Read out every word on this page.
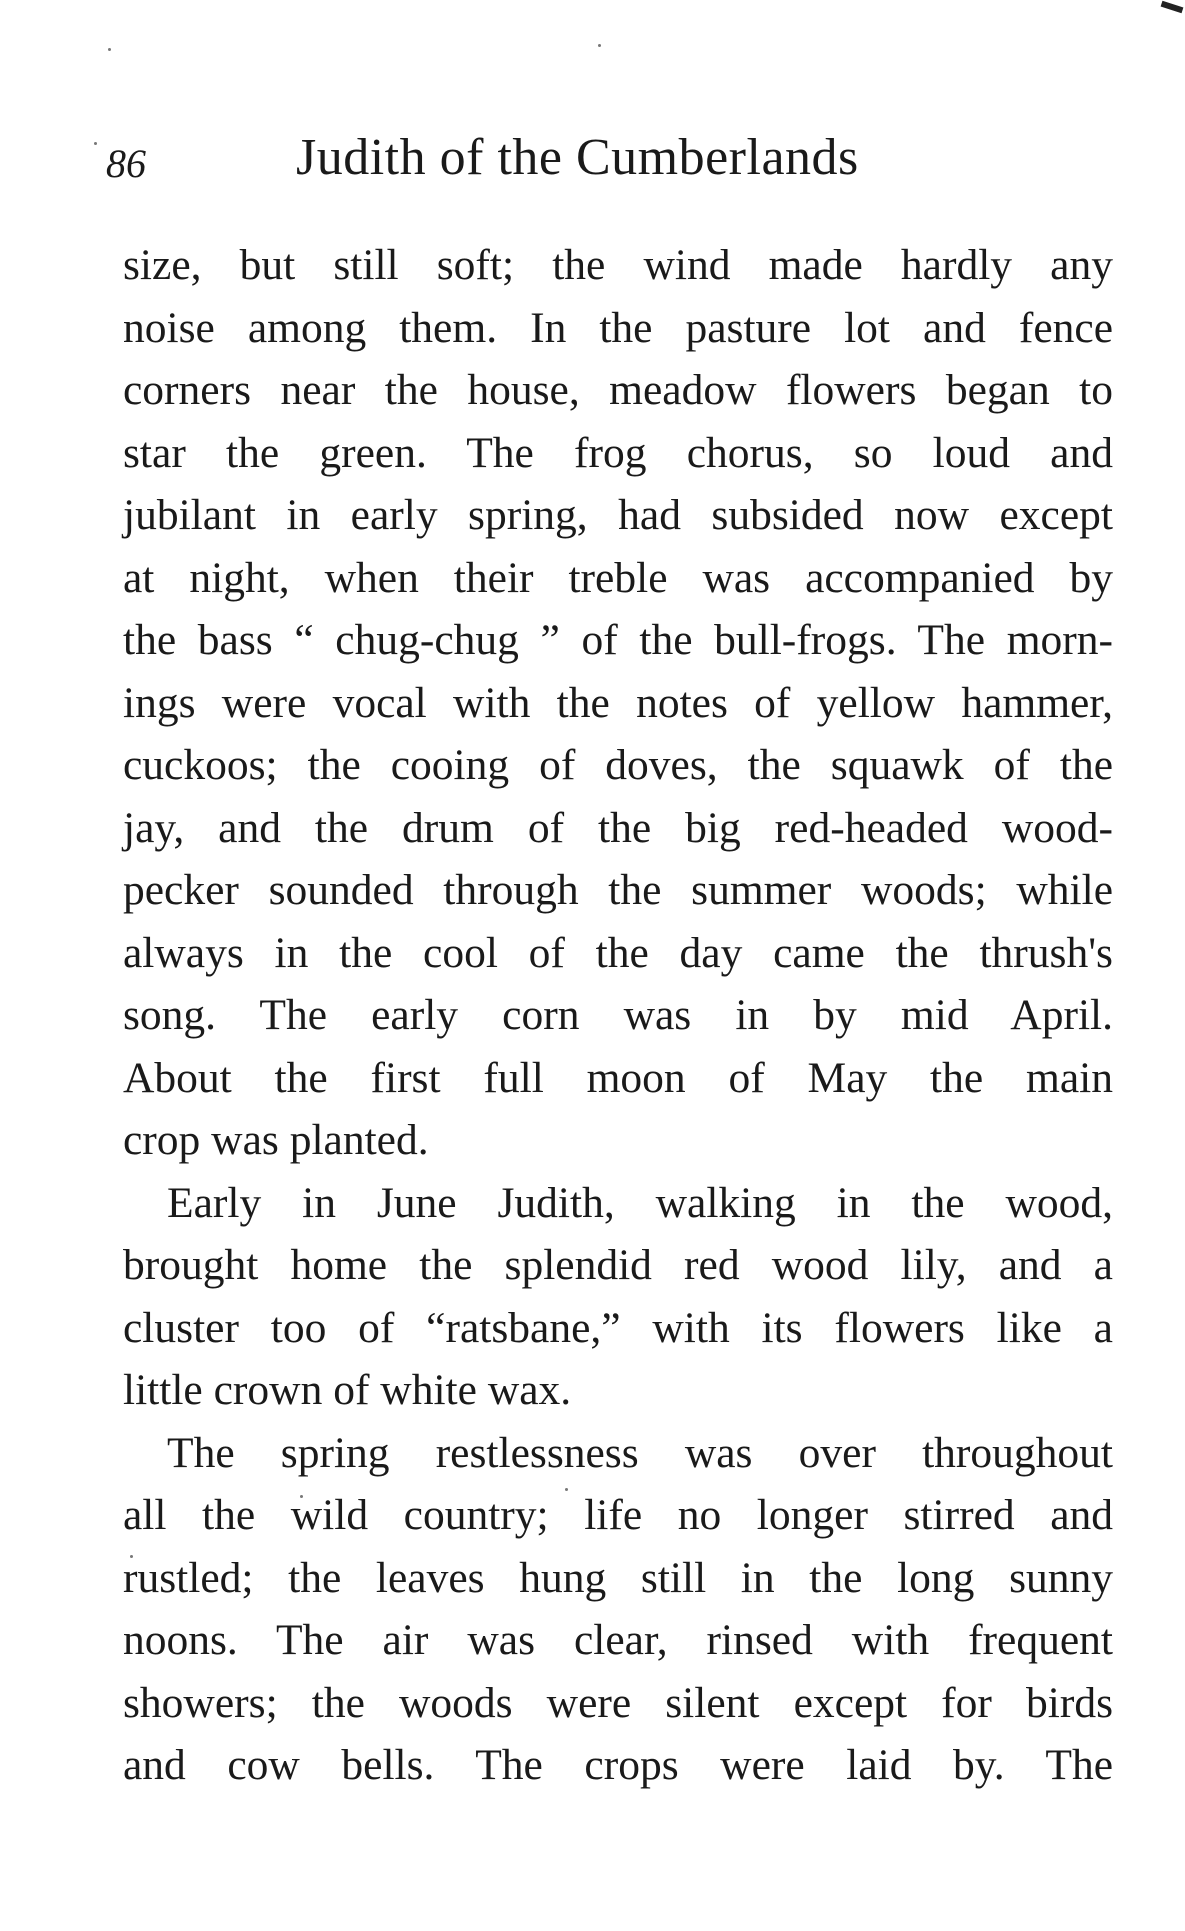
86	Judith of the Cumberlands
size, but still soft; the wind made hardly any
noise among them. In the pasture lot and fence
corners near the house, meadow flowers began to
star the green. The frog chorus, so loud and
jubilant in early spring, had subsided now except
at night, when their treble was accompanied by
the bass “ chug-chug ” of the bull-frogs. The morn-
ings were vocal with the notes of yellow hammer,
cuckoos; the cooing of doves, the squawk of the
jay, and the drum of the big red-headed wood-
pecker sounded through the summer woods; while
always in the cool of the day came the thrush's
song. The early corn was in by mid April.
About the first full moon of May the main
crop was planted.
Early in June Judith, walking in the wood,
brought home the splendid red wood lily, and a
cluster too of “ratsbane,” with its flowers like a
little crown of white wax.
The spring restlessness was over throughout
all the wild country; life no longer stirred and
rustled; the leaves hung still in the long sunny
noons. The air was clear, rinsed with frequent
showers; the woods were silent except for birds
and cow bells. The crops were laid by. The
